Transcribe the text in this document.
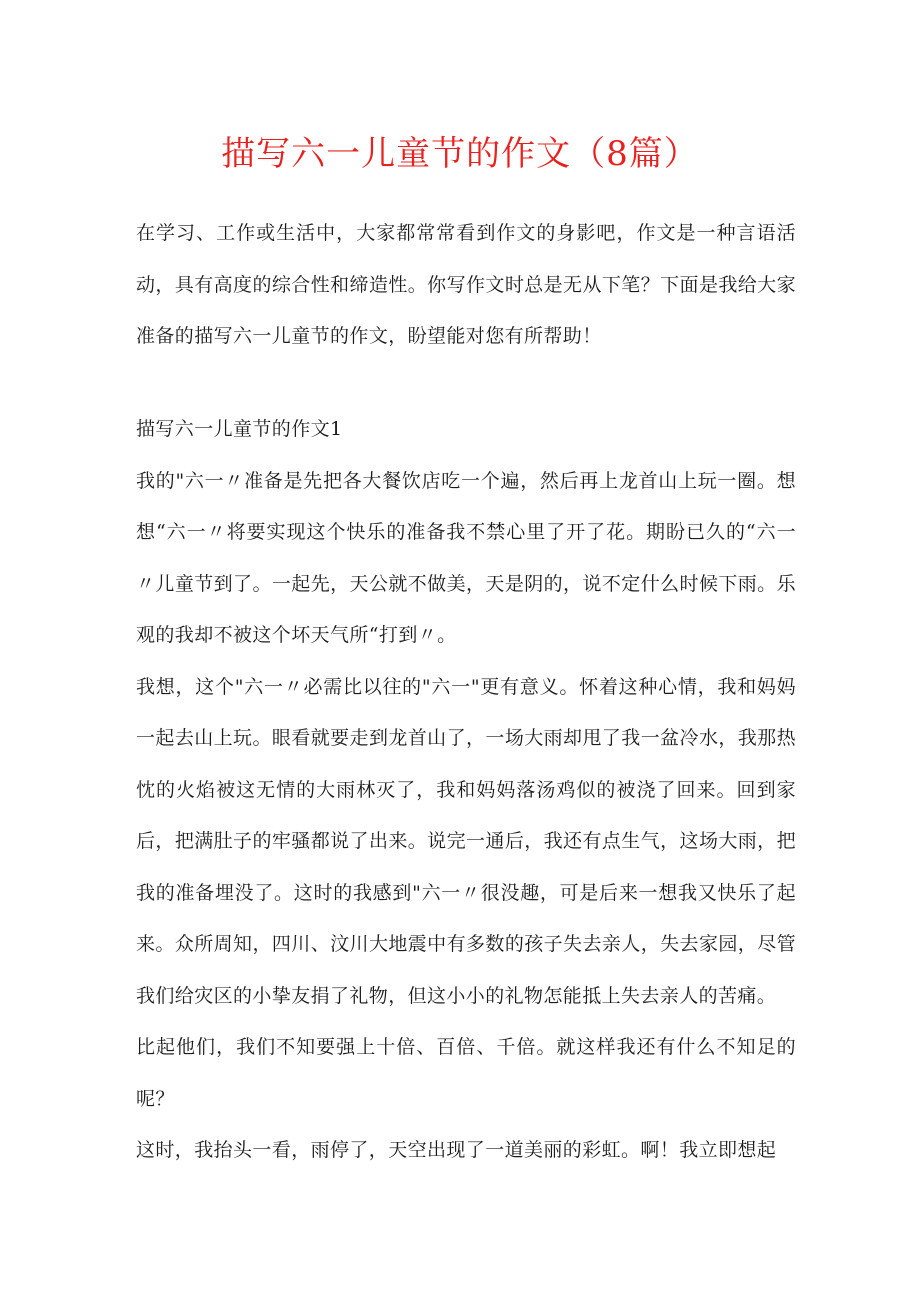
描写六一儿童节的作文（8篇）
在学习、工作或生活中，大家都常常看到作文的身影吧，作文是一种言语活动，具有高度的综合性和缔造性。你写作文时总是无从下笔？下面是我给大家准备的描写六一儿童节的作文，盼望能对您有所帮助！

描写六一儿童节的作文1

我的"六一〃准备是先把各大餐饮店吃一个遍，然后再上龙首山上玩一圈。想想“六一〃将要实现这个快乐的准备我不禁心里了开了花。期盼已久的“六一〃儿童节到了。一起先，天公就不做美，天是阴的，说不定什么时候下雨。乐观的我却不被这个坏天气所“打到〃。

我想，这个"六一〃必需比以往的"六一"更有意义。怀着这种心情，我和妈妈一起去山上玩。眼看就要走到龙首山了，一场大雨却甩了我一盆冷水，我那热忱的火焰被这无情的大雨林灭了，我和妈妈落汤鸡似的被浇了回来。回到家后，把满肚子的牢骚都说了出来。说完一通后，我还有点生气，这场大雨，把我的准备埋没了。这时的我感到"六一〃很没趣，可是后来一想我又快乐了起来。众所周知，四川、汶川大地震中有多数的孩子失去亲人，失去家园，尽管我们给灾区的小挚友捐了礼物，但这小小的礼物怎能抵上失去亲人的苦痛。

比起他们，我们不知要强上十倍、百倍、千倍。就这样我还有什么不知足的呢？

这时，我抬头一看，雨停了，天空出现了一道美丽的彩虹。啊！我立即想起
